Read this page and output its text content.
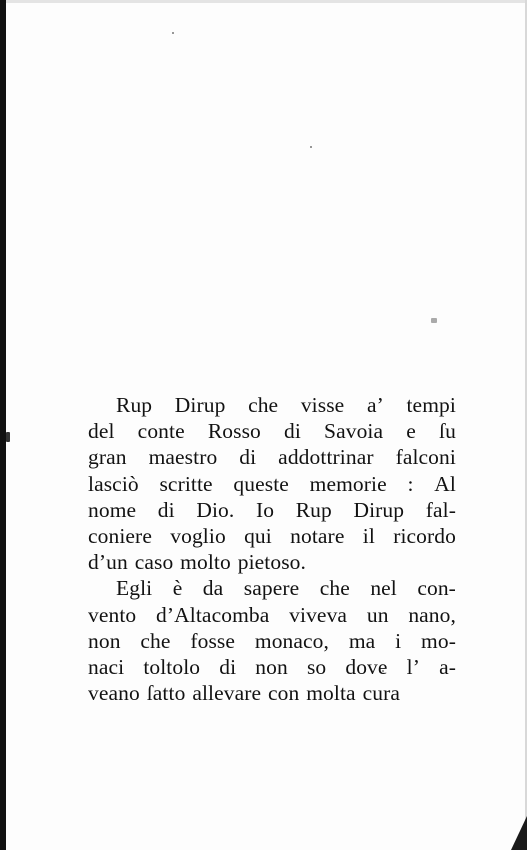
Rup Dirup che visse a’ tempi
del conte Rosso di Savoia e ſu
gran maestro di addottrinar falconi
lasciò scritte queste memorie : Al
nome di Dio. Io Rup Dirup fal-
coniere voglio qui notare il ricordo
d’un caso molto pietoso.
Egli è da sapere che nel con-
vento d’Altacomba viveva un nano,
non che fosse monaco, ma i mo-
naci toltolo di non so dove l’ a-
veano ſatto allevare con molta cura
